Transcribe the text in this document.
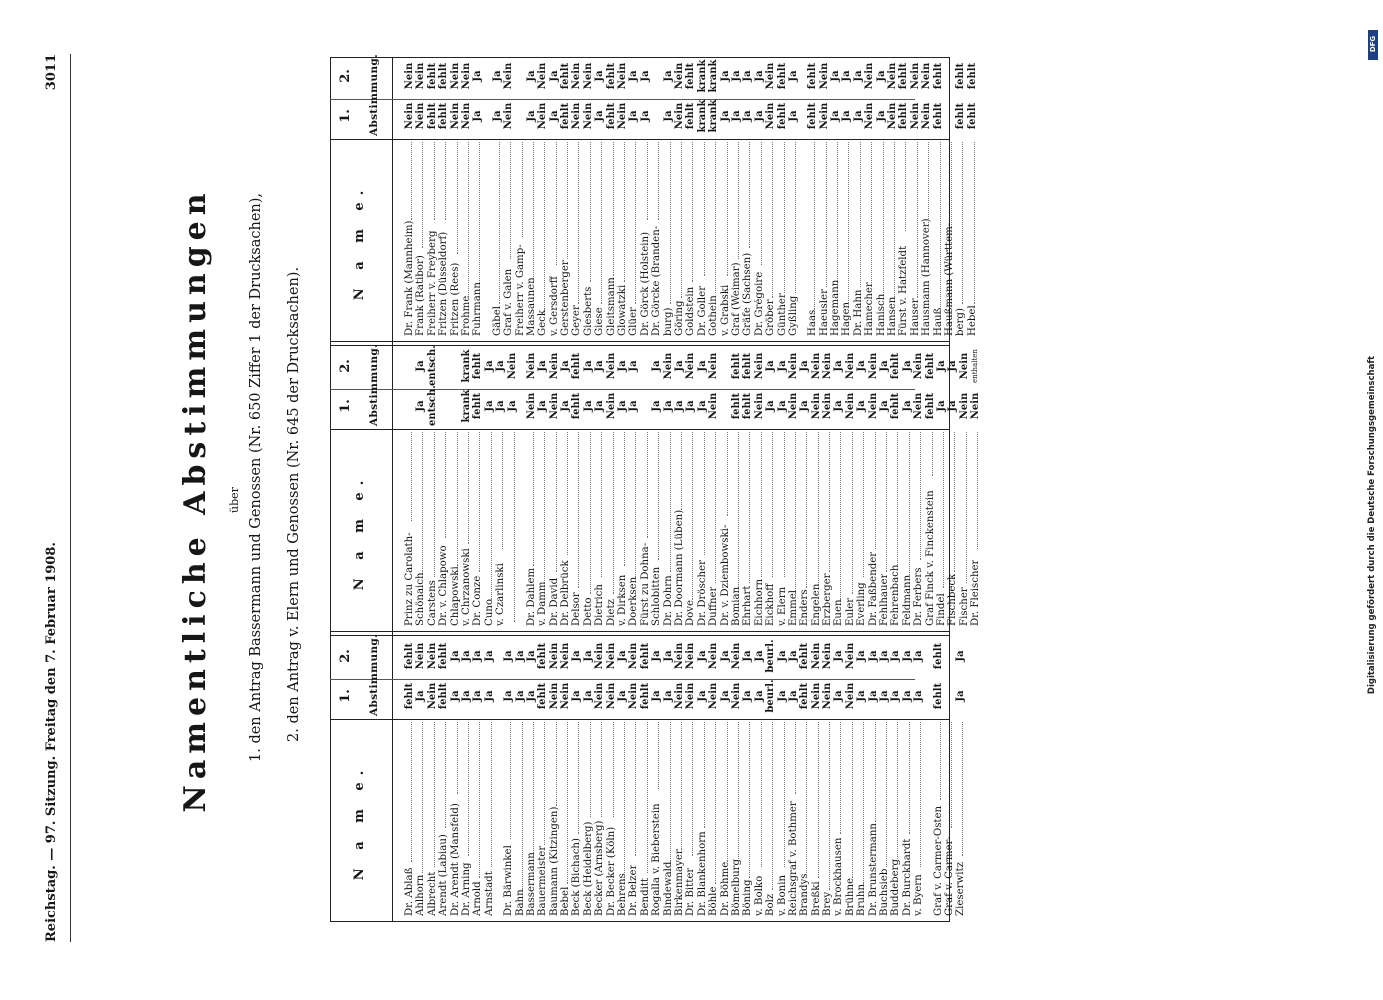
Reichstag. — 97. Sitzung. Freitag den 7. Februar 1908.
3011
Namentliche Abstimmungen über 1. den Antrag Bassermann und Genossen (Nr. 650 Ziffer 1 der Drucksachen), 2. den Antrag v. Elern und Genossen (Nr. 645 der Drucksachen).
N a m e.
1.
2. Abstimmung.
Dr. Ablaß
fehlt
fehlt
Ahlhorn
Ja
Nein
Albrecht
Nein
Nein
Arendt (Labiau)
fehlt
fehlt
Dr. Arendt (Mansfeld)
Ja
Ja
Dr. Arning
Ja
Ja
Arnold
Ja
Ja
Arnstadt
Ja
Ja
Dr. Bärwinkel
Ja
Ja
Bahn
Ja
Ja
Bassermann
Ja
Ja
Bauermeister
fehlt
fehlt
Baumann (Kitzingen)
Nein
Nein
Bebel
Nein
Nein
Beck (Bichach)
Ja
Ja
Beck (Heidelberg)
Ja
Ja
Becker (Arnsberg)
Nein
Nein
Dr. Becker (Köln)
Nein
Nein
Behrens
Ja
Ja
Dr. Belzer
Nein
Nein
Benditt
fehlt
fehlt
Rogalla v. Bieberstein
Ja
Ja
Bindewald
Ja
Ja
Birkenmayer
Nein
Nein
Dr. Bitter
Nein
Nein
Dr. Blankenhorn
Ja
Ja
Böhle
Nein
Nein
Dr. Böhme
Ja
Ja
Bömelburg
Nein
Nein
Böning
Ja
Ja
v. Bolko
Ja
Ja
Bolz
beurl.
beurl.
v. Bonin
Ja
Ja
Reichsgraf v. Bothmer
Ja
Ja
Brandys
fehlt
fehlt
Breßki
Nein
Nein
Brey
Nein
Nein
v. Brockhausen
Ja
Ja
Brühne
Nein
Nein
Bruhn
Ja
Ja
Dr. Brunstermann
Ja
Ja
Buchsieb
Ja
Ja
Buddeberg
Ja
Ja
Dr. Burckhardt
Ja
Ja
v. Byern
Ja
Ja
Graf v. Carmer-Osten
fehlt
fehlt
Graf v. Carmer- Zieserwitz
Ja
Ja
N a m e.
1.
2. Abstimmung.
Prinz zu Carolath- Schönaich
Ja
Ja
Carstens
entsch.
entsch.
Dr. v. Chlapowo Chlapowski v. Chrzanowski
krank
krank
Dr. Conze
fehlt
fehlt
Cuno
Ja
Ja
v. Czarlinski
Ja
Ja
Ja
Nein
Dr. Dahlem
Nein
Nein
v. Damm
Ja
Ja
Dr. David
Nein
Nein
Dr. Delbrück
Ja
Ja
Delsor
fehlt
fehlt
Detto
Ja
Ja
Dietrich
Ja
Ja
Dietz
Nein
Nein
v. Dirksen
Ja
Ja
Doerksen
Ja
Ja
Fürst zu Dohna- Schlobitten
Ja
Ja
Dr. Dohrn
Ja
Nein
Dr. Doormann (Lüben)
Ja
Ja
Dove
Ja
Nein
Dr. Dröscher
Ja
Ja
Duffner
Nein
Nein
Dr. v. Dziembowski- Bomian
fehlt
fehlt
Ehrhart
fehlt
fehlt
Eichhorn
Nein
Nein
Eickhoff
Ja
Ja
v. Elern
Ja
Ja
Emmel
Nein
Nein
Enders
Ja
Ja
Engelen
Nein
Nein
Erzberger
Nein
Nein
Euen
Ja
Ja
Euler
Nein
Nein
Everling
Ja
Ja
Dr. Faßbender
Nein
Nein
Fehlhauer
Ja
Ja
Fehrenbach
fehlt
fehlt
Feldmann
Ja
Ja
Dr. Ferbers
Nein
Nein
Graf Finck v. Finckenstein
fehlt
fehlt
Findel
Ja
Ja
Fischbeck
Ja
Ja
Fischer
Nein
Nein
Dr. Fleischer
Nein
enthalten
N a m e.
1.
2. Abstimmung.
Dr. Frank (Mannheim)
Nein
Nein
Frank (Ratibor)
Nein
Nein
Freiherr v. Freyberg
fehlt
fehlt
Fritzen (Düsseldorf)
fehlt
fehlt
Fritzen (Rees)
Nein
Nein
Frohme
Nein
Nein
Fuhrmann
Ja
Ja
Gäbel
Ja
Ja
Graf v. Galen
Nein
Nein
Freiherr v. Gamp- Massaunen
Ja
Ja
Geck
Nein
Nein
v. Gersdorff
Ja
Ja
Gerstenberger
fehlt
fehlt
Geyer
Nein
Nein
Giesberts
Nein
Nein
Giese
Ja
Ja
Gleitsmann
fehlt
fehlt
Glowatzki
Nein
Nein
Glüer
Ja
Ja
Dr. Görck (Holstein)
Ja
Ja
Dr. Görcke (Branden- burg)
Ja
Ja
Göring
Nein
Nein
Goldstein
fehlt
fehlt
Dr. Goller
krank
krank
Gothein
krank
krank
v. Grabski
Ja
Ja
Graf (Weimar)
Ja
Ja
Gräfe (Sachsen)
Ja
Ja
Dr. Grégoire
Ja
Ja
Gröber
Nein
Nein
Günther
fehlt
fehlt
Gyßling
Ja
Ja
Haas
fehlt
fehlt
Haeusler
Nein
Nein
Hagemann
Ja
Ja
Hagen
Ja
Ja
Dr. Hahn
Ja
Ja
Hamecher
Nein
Nein
Hanisch
Ja
Ja
Hansen
Nein
Nein
Fürst v. Hatzfeldt
fehlt
fehlt
Hauser
Nein
Nein
Hausmann (Hannover)
Nein
Nein
Hauß
fehlt
fehlt
Haußmann (Württem- berg)
fehlt
fehlt
Hebel
fehlt
fehlt
DFG
Digitalisierung gefördert durch die Deutsche Forschungsgemeinschaft
